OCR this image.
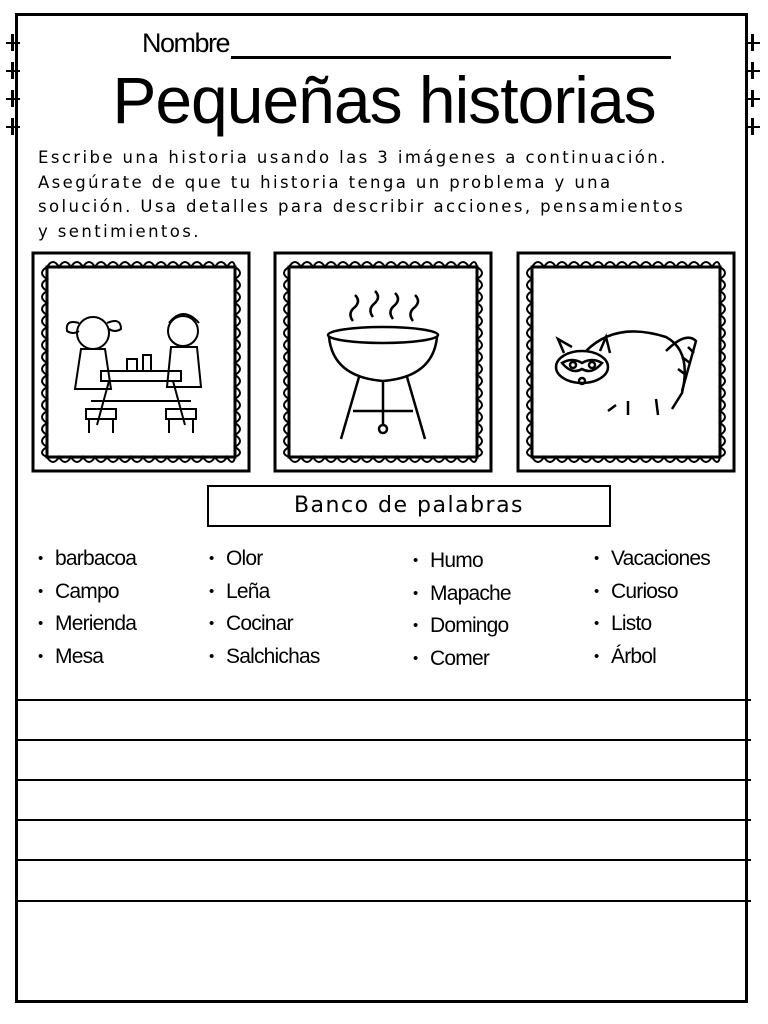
Nombre
Pequeñas historias
Escribe una historia usando las 3 imágenes a continuación.
Asegúrate de que tu historia tenga un problema y una
solución. Usa detalles para describir acciones, pensamientos
y sentimientos.
Banco de palabras
• barbacoa
• Campo
• Merienda
• Mesa
• Olor
• Leña
• Cocinar
• Salchichas
• Humo
• Mapache
• Domingo
• Comer
• Vacaciones
• Curioso
• Listo
• Árbol
